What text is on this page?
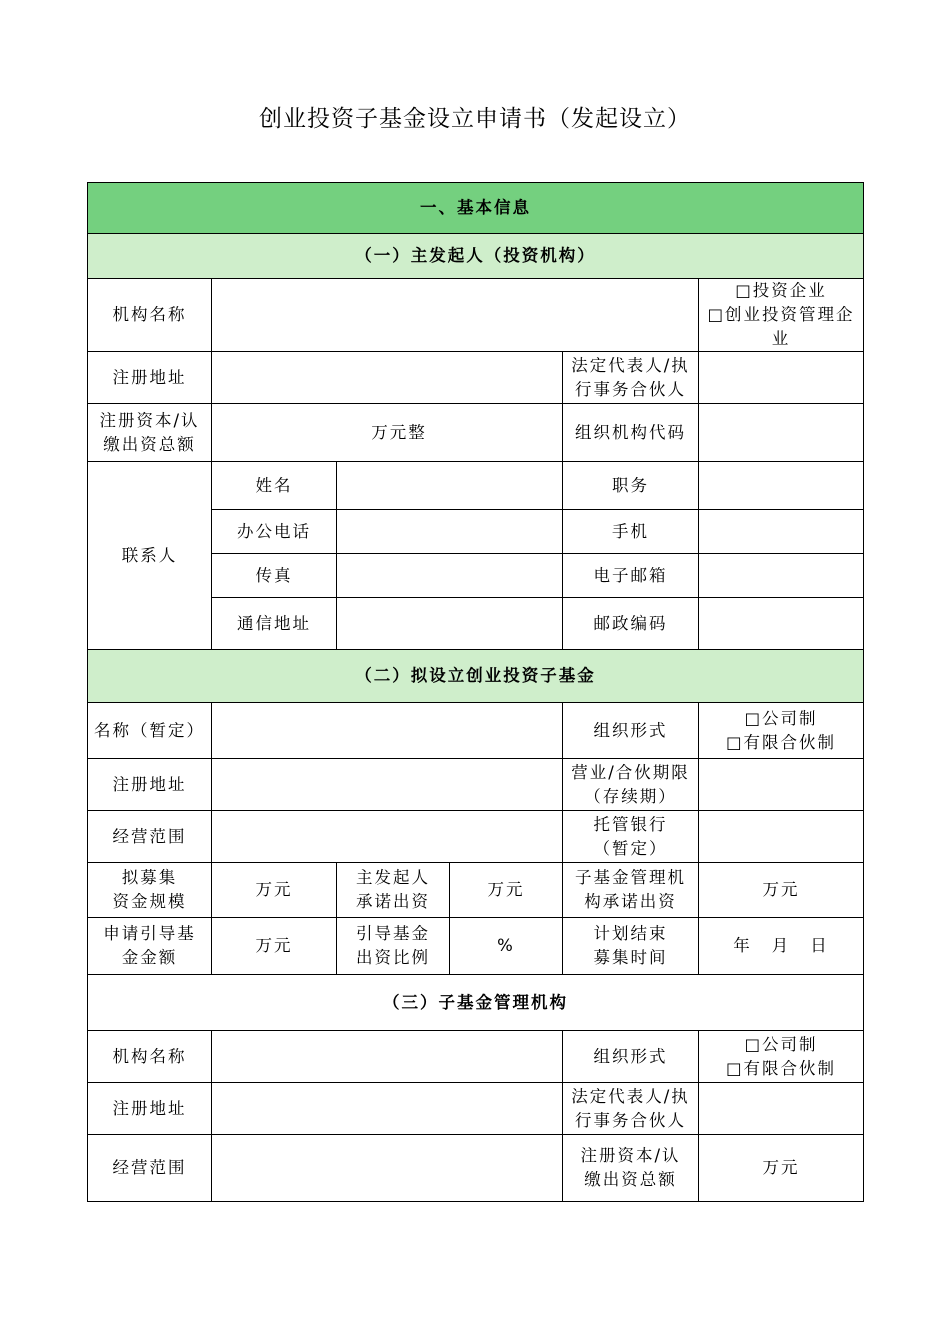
创业投资子基金设立申请书（发起设立）
一、基本信息					
（一）主发起人（投资机构）					
机构名称					□投资企业
□创业投资管理企业

注册地址				法定代表人/执
行事务合伙人	

注册资本/认
缴出资总额	万元整			组织机构代码	
联系人	姓名			职务	
	办公电话			手机	
	传真			电子邮箱	
	通信地址			邮政编码	
（二）拟设立创业投资子基金					
名称（暂定）				组织形式	□公司制
□有限合伙制

注册地址				营业/合伙期限
（存续期）	

经营范围				托管银行
（暂定）	

拟募集
资金规模	万元	主发起人
承诺出资	万元	子基金管理机
构承诺出资	万元

申请引导基
金金额	万元	引导基金
出资比例	%	计划结束
募集时间	年 月 日
（三）子基金管理机构					
机构名称				组织形式	□公司制
□有限合伙制

注册地址				法定代表人/执
行事务合伙人	

经营范围				注册资本/认
缴出资总额	万元
